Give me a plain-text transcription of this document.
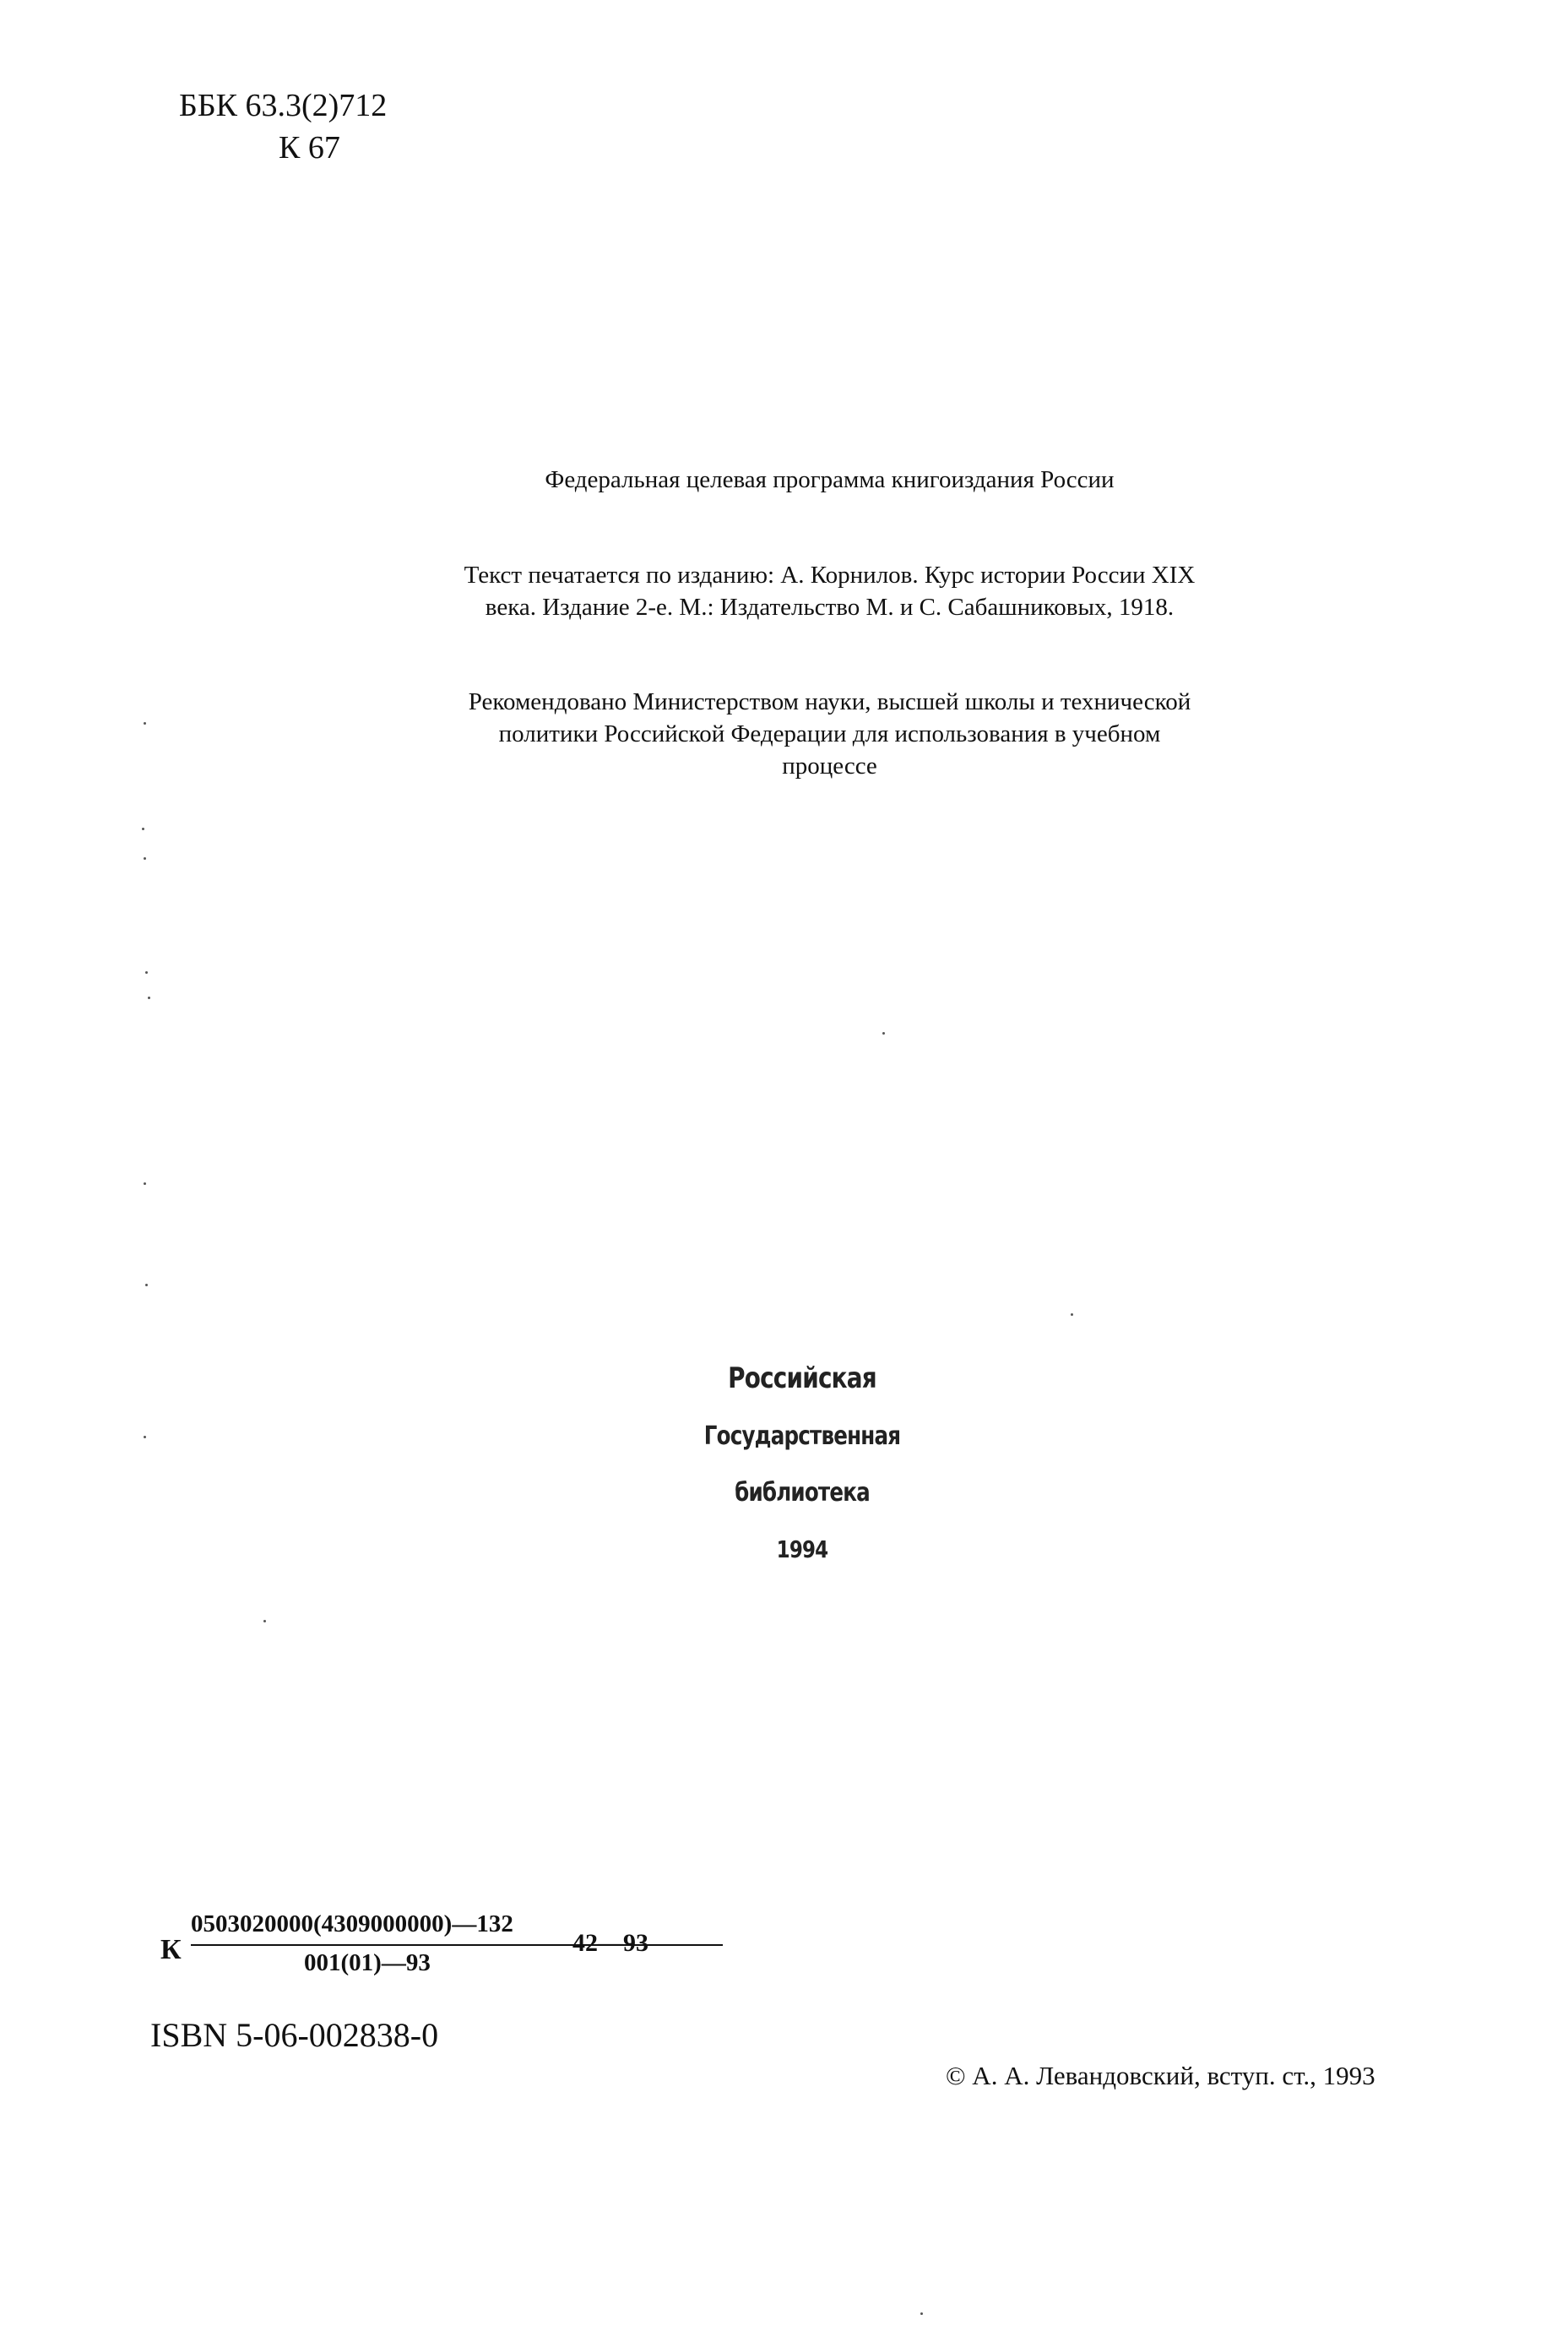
ББК 63.3(2)712
К 67
Федеральная целевая программа книгоиздания России
Текст печатается по изданию: А. Корнилов. Курс истории России XIX
века. Издание 2-е. М.: Издательство М. и С. Сабашниковых, 1918.
Рекомендовано Министерством науки, высшей школы и технической
политики Российской Федерации для использования в учебном
процессе
Российская
Государственная
библиотека
1994
К
0503020000(4309000000)—132
001(01)—93
42—93
ISBN 5-06-002838-0
© А. А. Левандовский, вступ. ст., 1993
